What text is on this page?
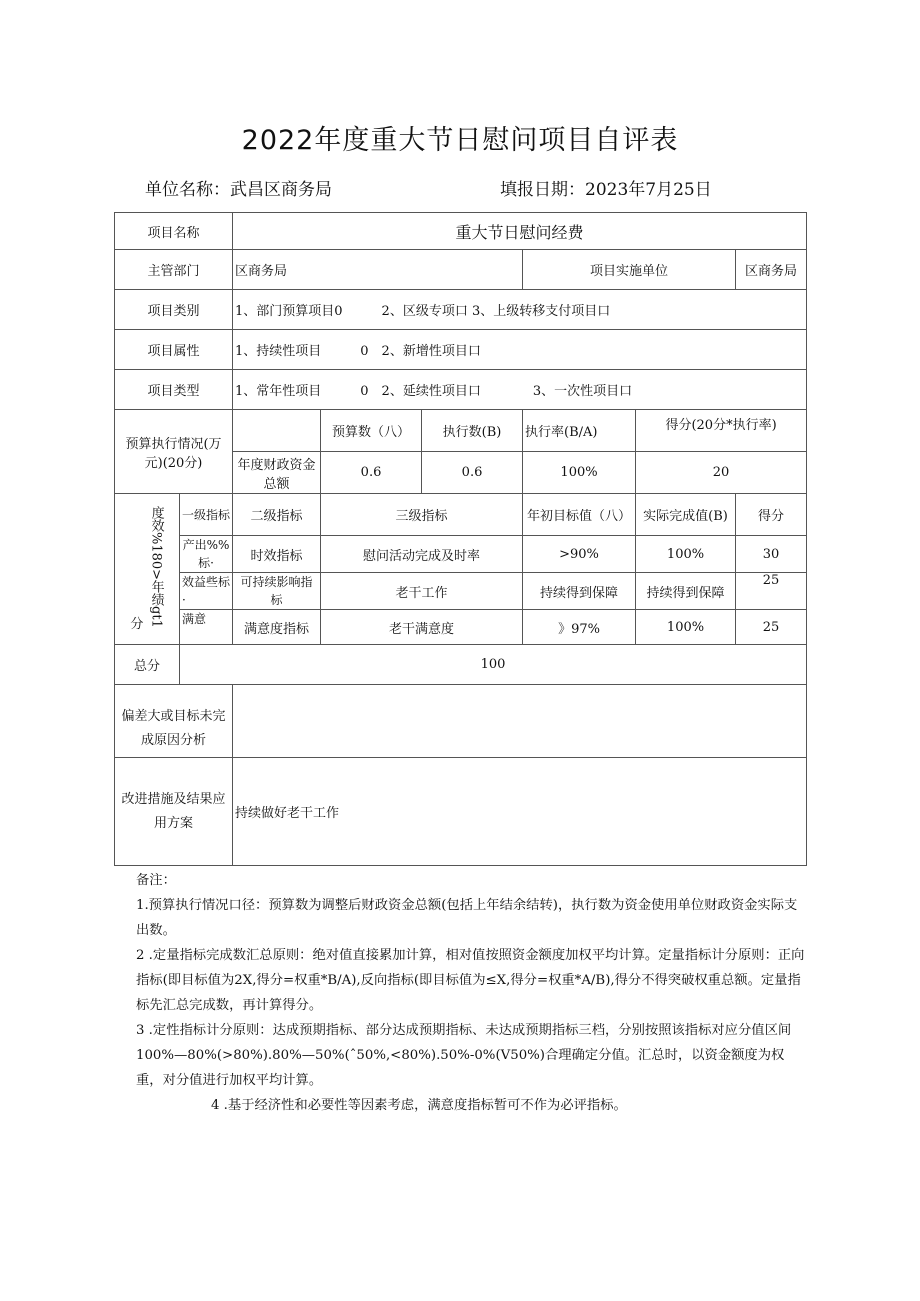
2022年度重大节日慰问项目自评表
单位名称：武昌区商务局	填报日期：2023年7月25日
项目名称		重大节日慰问经费					
主管部门		区商务局			项目实施单位		区商务局
项目类别		1、部门预算项目0　　　2、区级专项口 3、上级转移支付项目口					
项目属性		1、持续性项目　　　0　2、新增性项目口					
项目类型		1、常年性项目　　　0　2、延续性项目口　　　　3、一次性项目口					
预算执行情况(万元)(20分)			预算数（八）	执行数(B)	执行率(B/A)	得分(20分*执行率)	
		年度财政资金总额	0.6	0.6	100%	20	
分 度效%180>年绩gt1	一级指标	二级指标	三级指标		年初目标值（八）	实际完成值(B)	得分
	产出%%标·	时效指标	慰问活动完成及时率		>90%	100%	30
	效益些标·	可持续影响指标	老干工作		持续得到保障	持续得到保障	25
	满意	满意度指标	老干满意度		》97%	100%	25
总分	100						
偏差大或目标未完成原因分析							
改进措施及结果应用方案		持续做好老干工作					

备注：

1.预算执行情况口径：预算数为调整后财政资金总额(包括上年结余结转)，执行数为资金使用单位财政资金实际支出数。

2 .定量指标完成数汇总原则：绝对值直接累加计算，相对值按照资金额度加权平均计算。定量指标计分原则：正向指标(即目标值为2X,得分=权重*B/A),反向指标(即目标值为≤X,得分=权重*A/B),得分不得突破权重总额。定量指标先汇总完成数，再计算得分。

3 .定性指标计分原则：达成预期指标、部分达成预期指标、未达成预期指标三档，分别按照该指标对应分值区间100%—80%(>80%).80%—50%(ˆ50%,<80%).50%-0%(V50%)合理确定分值。汇总时，以资金额度为权重，对分值进行加权平均计算。

4 .基于经济性和必要性等因素考虑，满意度指标暂可不作为必评指标。
